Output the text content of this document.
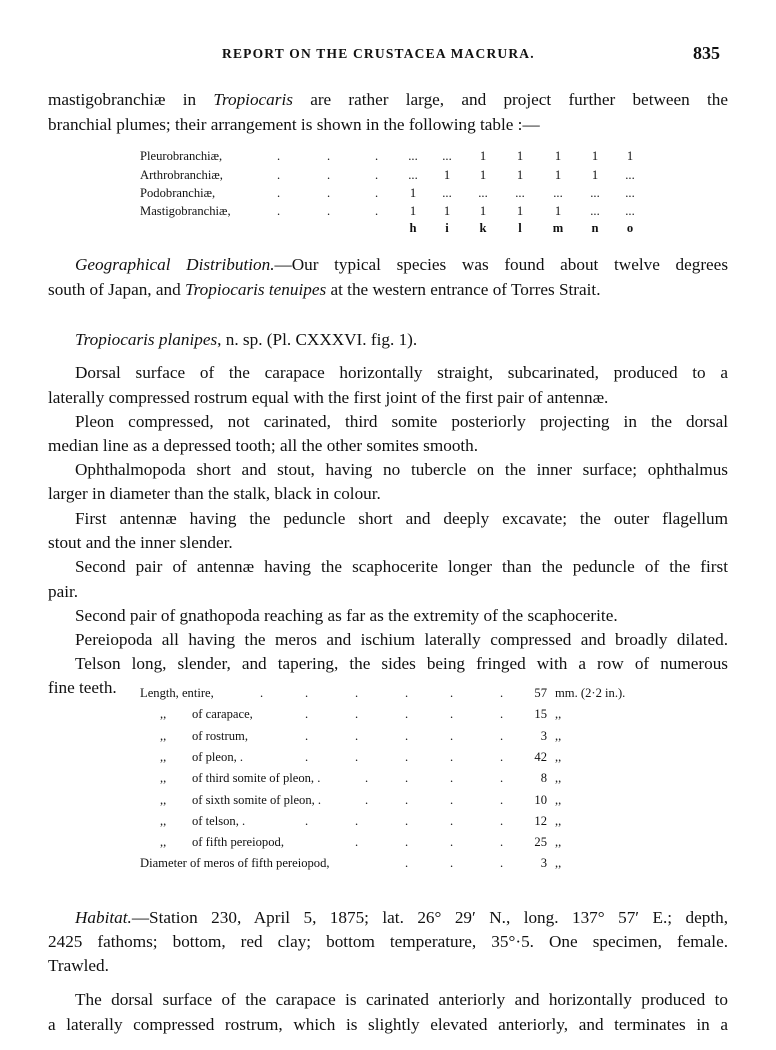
REPORT ON THE CRUSTACEA MACRURA.	835
mastigobranchiæ in Tropiocaris are rather large, and project further between the
branchial plumes; their arrangement is shown in the following table :—
Geographical Distribution.—Our typical species was found about twelve degrees
south of Japan, and Tropiocaris tenuipes at the western entrance of Torres Strait.
Tropiocaris planipes, n. sp. (Pl. CXXXVI. fig. 1).
Dorsal surface of the carapace horizontally straight, subcarinated, produced to a
laterally compressed rostrum equal with the first joint of the first pair of antennæ.
Pleon compressed, not carinated, third somite posteriorly projecting in the dorsal
median line as a depressed tooth; all the other somites smooth.
Ophthalmopoda short and stout, having no tubercle on the inner surface; ophthalmus
larger in diameter than the stalk, black in colour.
First antennæ having the peduncle short and deeply excavate; the outer flagellum
stout and the inner slender.
Second pair of antennæ having the scaphocerite longer than the peduncle of the first
pair.
Second pair of gnathopoda reaching as far as the extremity of the scaphocerite.
Pereiopoda all having the meros and ischium laterally compressed and broadly dilated.
Telson long, slender, and tapering, the sides being fringed with a row of numerous
fine teeth.
Habitat.—Station 230, April 5, 1875; lat. 26° 29′ N., long. 137° 57′ E.; depth,
2425 fathoms; bottom, red clay; bottom temperature, 35°·5. One specimen, female.
Trawled.
The dorsal surface of the carapace is carinated anteriorly and horizontally produced to
a laterally compressed rostrum, which is slightly elevated anteriorly, and terminates in a
Pleurobranchiæ,	.	.	.	...	...	1	1	1	1	1
Arthrobranchiæ,	.	.	.	...	1	1	1	1	1	...
Podobranchiæ,	.	.	.	1	...	...	...	...	...	...
Mastigobranchiæ,	.	.	.	1	1	1	1	1	...	...
h	i	k	l	m	n	o
Length, entire,	.	.	.	.	.	.	57 mm. (2·2 in.).
,, of carapace,	.	.	.	.	.	15 ,,
,, of rostrum,	.	.	.	.	.	3 ,,
,, of pleon, .	.	.	.	.	.	42 ,,
,, of third somite of pleon, .	.	.	.	.	8 ,,
,, of sixth somite of pleon, .	.	.	.	.	10 ,,
,, of telson, .	.	.	.	.	.	12 ,,
,, of fifth pereiopod,	.	.	.	.	25 ,,
Diameter of meros of fifth pereiopod,	.	.	.	3 ,,
